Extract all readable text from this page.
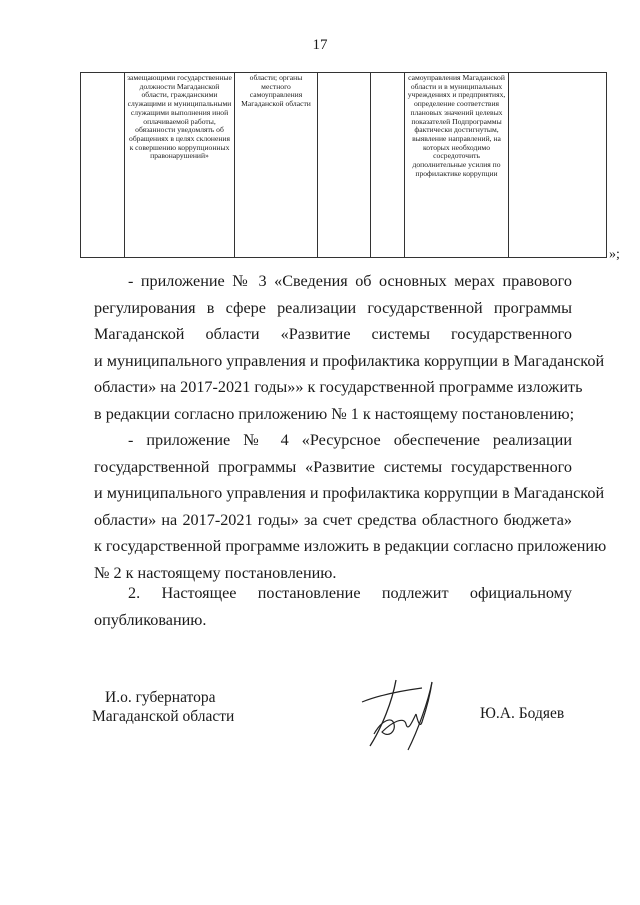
17
	замещающими государственные должности Магаданской области, гражданскими служащими и муниципальными служащими выполнения иной оплачиваемой работы, обязанности уведомлять об обращениях в целях склонения к совершению коррупционных правонарушений»	области; органы местного самоуправления Магаданской области			самоуправления Магаданской области и в муниципальных учреждениях и предприятиях, определение соответствия плановых значений целевых показателей Подпрограммы фактически достигнутым, выявление направлений, на которых необходимо сосредоточить дополнительные усилия по профилактике коррупции	
»;
- приложение № 3 «Сведения об основных мерах правового
регулирования в сфере реализации государственной программы
Магаданской области «Развитие системы государственного
и муниципального управления и профилактика коррупции в Магаданской
области» на 2017-2021 годы»» к государственной программе изложить
в редакции согласно приложению № 1 к настоящему постановлению;
- приложение № 4 «Ресурсное обеспечение реализации
государственной программы «Развитие системы государственного
и муниципального управления и профилактика коррупции в Магаданской
области» на 2017-2021 годы» за счет средства областного бюджета»
к государственной программе изложить в редакции согласно приложению
№ 2 к настоящему постановлению.
2. Настоящее постановление подлежит официальному
опубликованию.
И.о. губернатора
Магаданской области	Ю.А. Бодяев
